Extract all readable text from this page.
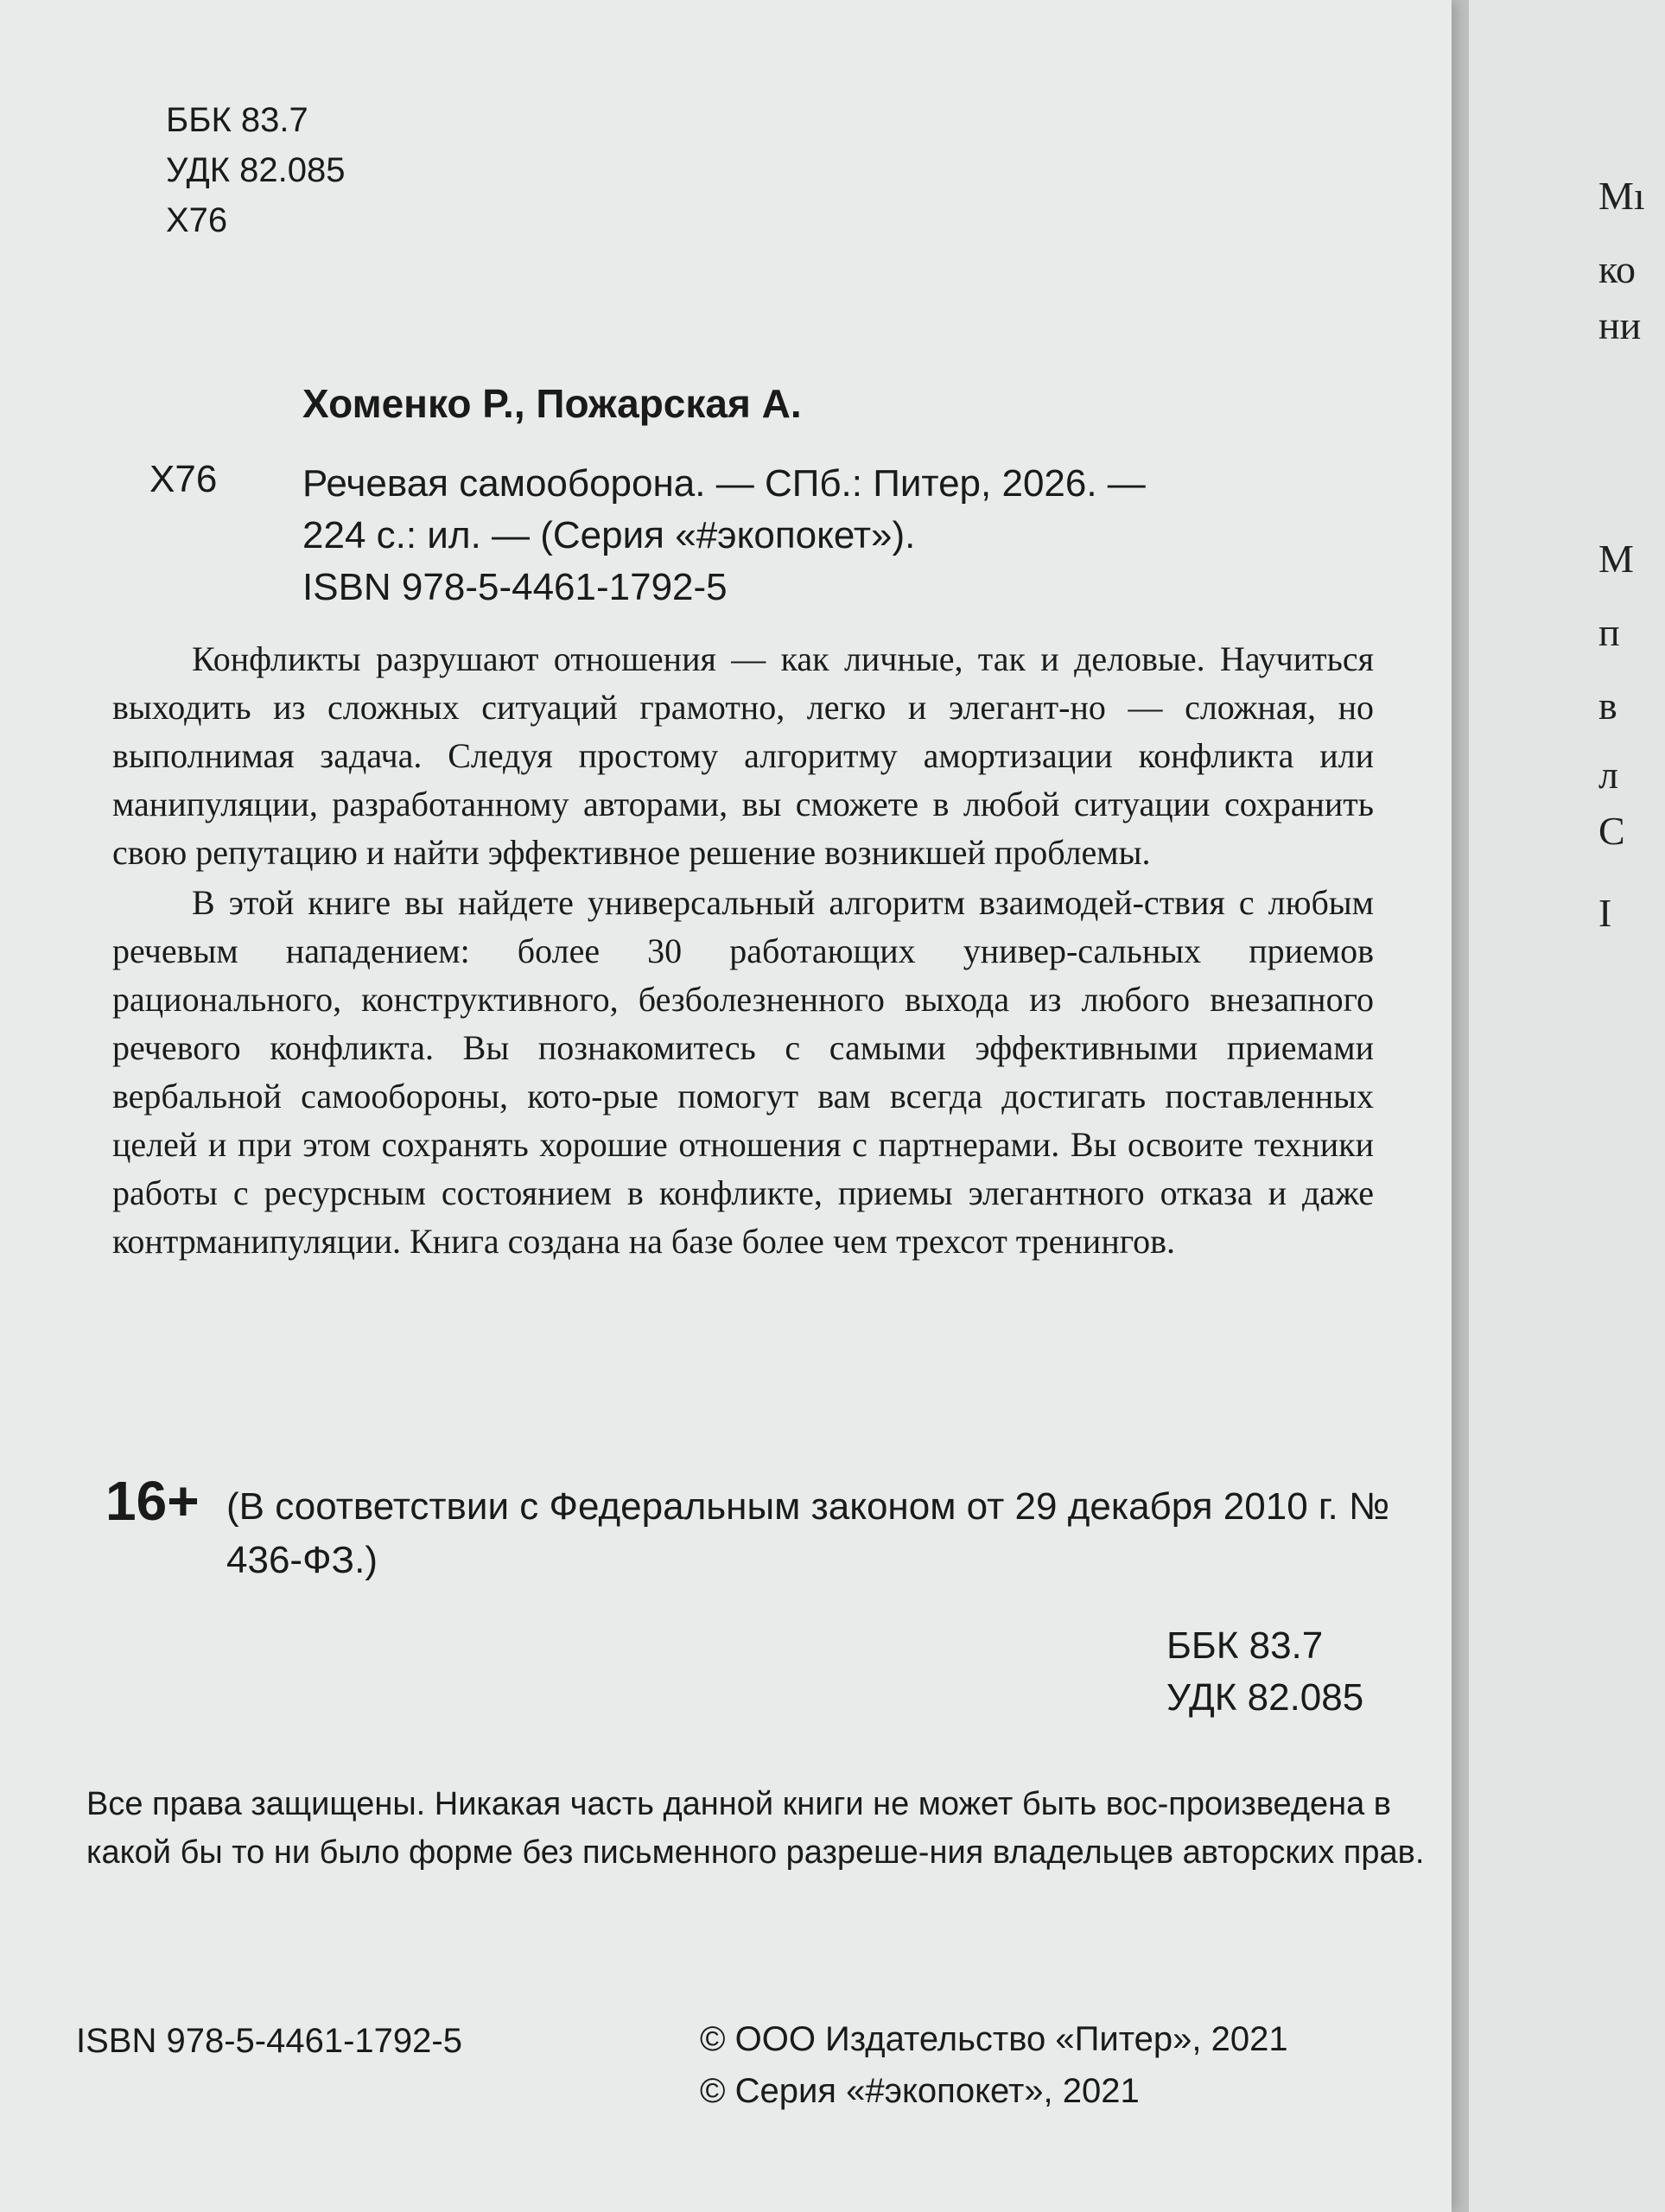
ББК 83.7
УДК 82.085
Х76
Хоменко Р., Пожарская А.
Х76 Речевая самооборона. — СПб.: Питер, 2026. —
224 с.: ил. — (Серия «#экопокет»).
ISBN 978-5-4461-1792-5

Конфликты разрушают отношения — как личные, так и деловые. Научиться выходить из сложных ситуаций грамотно, легко и элегант-но — сложная, но выполнимая задача. Следуя простому алгоритму амортизации конфликта или манипуляции, разработанному авторами, вы сможете в любой ситуации сохранить свою репутацию и найти эффективное решение возникшей проблемы.

В этой книге вы найдете универсальный алгоритм взаимодей-ствия с любым речевым нападением: более 30 работающих универ-сальных приемов рационального, конструктивного, безболезненного выхода из любого внезапного речевого конфликта. Вы познакомитесь с самыми эффективными приемами вербальной самообороны, кото-рые помогут вам всегда достигать поставленных целей и при этом сохранять хорошие отношения с партнерами. Вы освоите техники работы с ресурсным состоянием в конфликте, приемы элегантного отказа и даже контрманипуляции. Книга создана на базе более чем трехсот тренингов.

16+ (В соответствии с Федеральным законом от 29 декабря 2010 г. № 436-ФЗ.)
ББК 83.7
УДК 82.085
Все права защищены. Никакая часть данной книги не может быть вос-произведена в какой бы то ни было форме без письменного разреше-ния владельцев авторских прав.
ISBN 978-5-4461-1792-5	© ООО Издательство «Питер», 2021
© Серия «#экопокет», 2021
Мı
ко
ни
М
п
в
л
С
І
